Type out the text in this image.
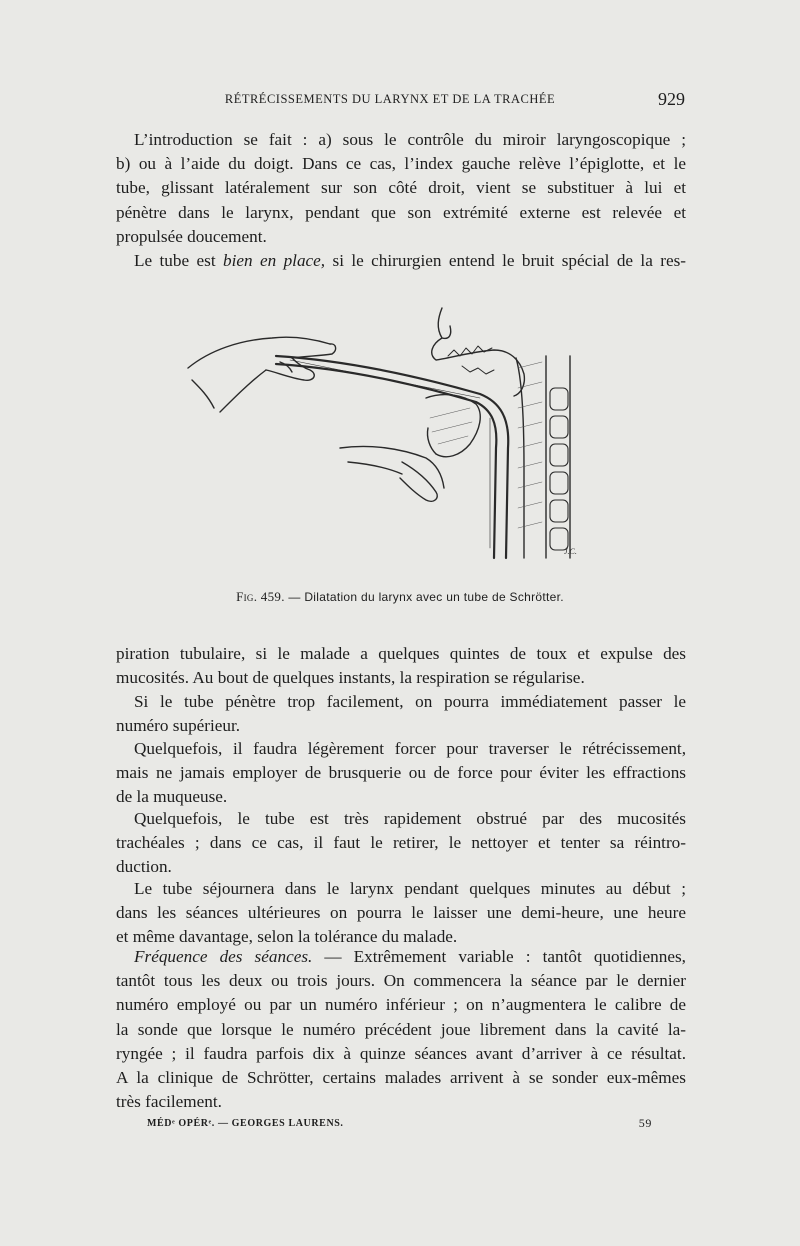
RÉTRÉCISSEMENTS DU LARYNX ET DE LA TRACHÉE	929

L’introduction se fait : a) sous le contrôle du miroir laryngoscopique ;
b) ou à l’aide du doigt. Dans ce cas, l’index gauche relève l’épiglotte, et le
tube, glissant latéralement sur son côté droit, vient se substituer à lui et
pénètre dans le larynx, pendant que son extrémité externe est relevée et
propulsée doucement.

Le tube est bien en place, si le chirurgien entend le bruit spécial de la res-

J.C.
Fig. 459. — Dilatation du larynx avec un tube de Schrötter.

piration tubulaire, si le malade a quelques quintes de toux et expulse des
mucosités. Au bout de quelques instants, la respiration se régularise.

Si le tube pénètre trop facilement, on pourra immédiatement passer le
numéro supérieur.

Quelquefois, il faudra légèrement forcer pour traverser le rétrécissement,
mais ne jamais employer de brusquerie ou de force pour éviter les effractions
de la muqueuse.

Quelquefois, le tube est très rapidement obstrué par des mucosités
trachéales ; dans ce cas, il faut le retirer, le nettoyer et tenter sa réintro-
duction.

Le tube séjournera dans le larynx pendant quelques minutes au début ;
dans les séances ultérieures on pourra le laisser une demi-heure, une heure
et même davantage, selon la tolérance du malade.

Fréquence des séances. — Extrêmement variable : tantôt quotidiennes,
tantôt tous les deux ou trois jours. On commencera la séance par le dernier
numéro employé ou par un numéro inférieur ; on n’augmentera le calibre de
la sonde que lorsque le numéro précédent joue librement dans la cavité la-
ryngée ; il faudra parfois dix à quinze séances avant d’arriver à ce résultat.
A la clinique de Schrötter, certains malades arrivent à se sonder eux-mêmes
très facilement.

MÉDᵉ OPÉRᵉ. — GEORGES LAURENS.	59
